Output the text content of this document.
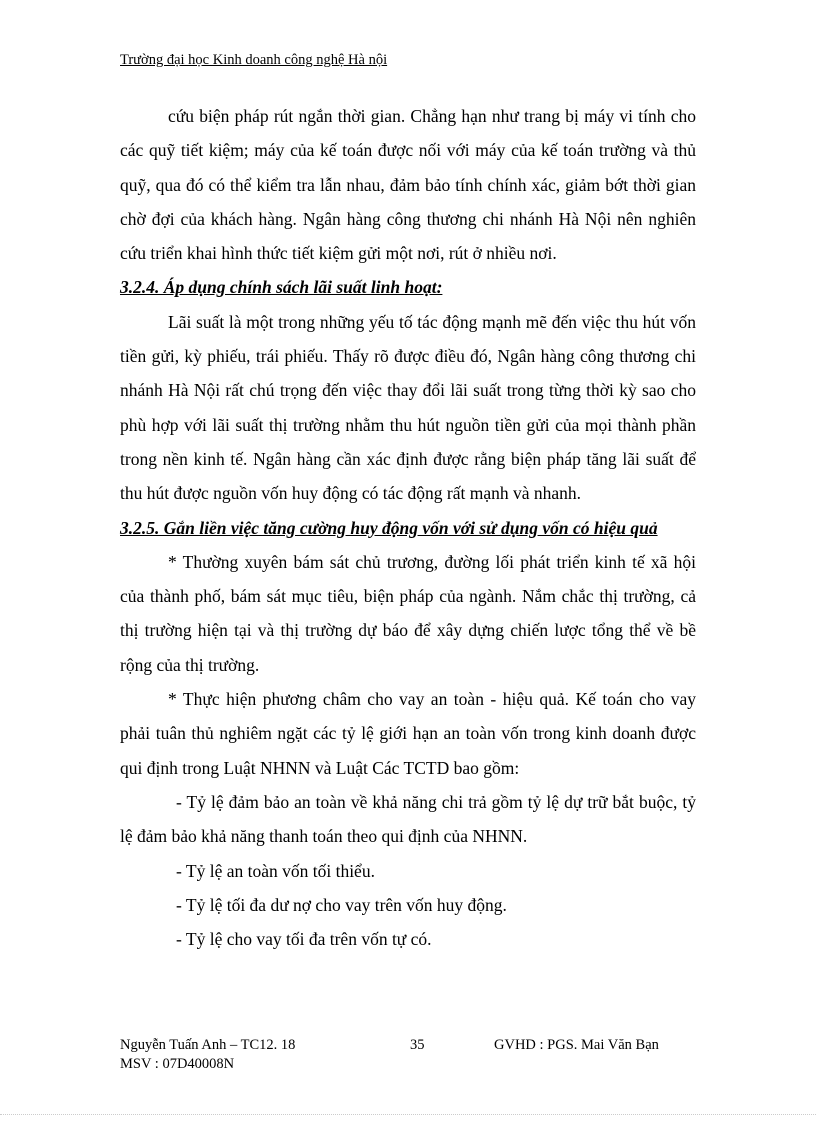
Trường đại học Kinh doanh công nghệ Hà nội

cứu biện pháp rút ngắn thời gian. Chẳng hạn như trang bị máy vi tính cho các quỹ tiết kiệm; máy của kế toán được nối với máy của kế toán trường và thủ quỹ, qua đó có thể kiểm tra lẫn nhau, đảm bảo tính chính xác, giảm bớt thời gian chờ đợi của khách hàng. Ngân hàng công thương chi nhánh Hà Nội nên nghiên cứu triển khai hình thức tiết kiệm gửi một nơi, rút ở nhiều nơi.

3.2.4. Áp dụng chính sách lãi suất linh hoạt:

Lãi suất là một trong những yếu tố tác động mạnh mẽ đến việc thu hút vốn tiền gửi, kỳ phiếu, trái phiếu. Thấy rõ được điều đó, Ngân hàng công thương chi nhánh Hà Nội rất chú trọng đến việc thay đổi lãi suất trong từng thời kỳ sao cho phù hợp với lãi suất thị trường nhằm thu hút nguồn tiền gửi của mọi thành phần trong nền kinh tế. Ngân hàng cần xác định được rằng biện pháp tăng lãi suất để thu hút được nguồn vốn huy động có tác động rất mạnh và nhanh.

3.2.5. Gắn liền việc tăng cường huy động vốn với sử dụng vốn có hiệu quả

* Thường xuyên bám sát chủ trương, đường lối phát triển kinh tế xã hội của thành phố, bám sát mục tiêu, biện pháp của ngành. Nắm chắc thị trường, cả thị trường hiện tại và thị trường dự báo để xây dựng chiến lược tổng thể về bề rộng của thị trường.

* Thực hiện phương châm cho vay an toàn - hiệu quả. Kế toán cho vay phải tuân thủ nghiêm ngặt các tỷ lệ giới hạn an toàn vốn trong kinh doanh được qui định trong Luật NHNN và Luật Các TCTD bao gồm:

- Tỷ lệ đảm bảo an toàn về khả năng chi trả gồm tỷ lệ dự trữ bắt buộc, tỷ lệ đảm bảo khả năng thanh toán theo qui định của NHNN.

- Tỷ lệ an toàn vốn tối thiểu.

- Tỷ lệ tối đa dư nợ cho vay trên vốn huy động.

- Tỷ lệ cho vay tối đa trên vốn tự có.

Nguyễn Tuấn Anh – TC12. 18	35	GVHD : PGS. Mai Văn Bạn
MSV : 07D40008N
